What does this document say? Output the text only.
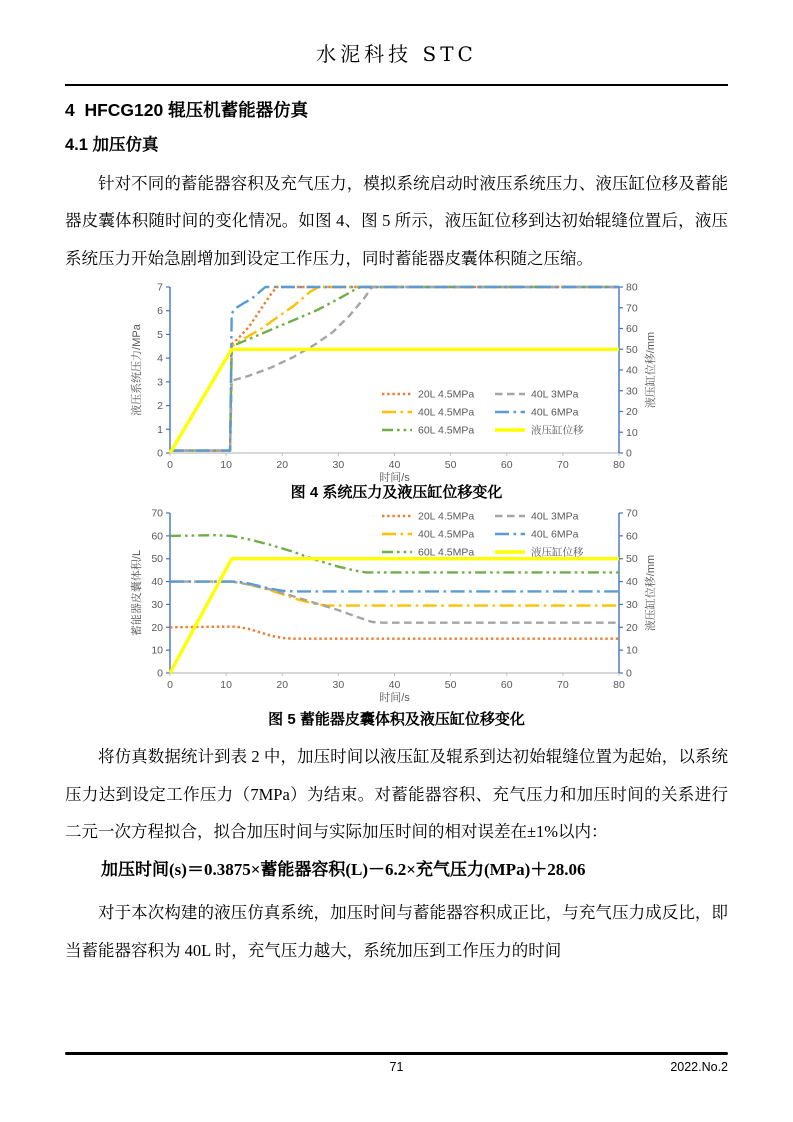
水泥科技 STC
4  HFCG120 辊压机蓄能器仿真
4.1 加压仿真

针对不同的蓄能器容积及充气压力，模拟系统启动时液压系统压力、液压缸位移及蓄能器皮囊体积随时间的变化情况。如图 4、图 5 所示，液压缸位移到达初始辊缝位置后，液压系统压力开始急剧增加到设定工作压力，同时蓄能器皮囊体积随之压缩。

0
1
2
3
4
5
6
7
0
10
20
30
40
50
60
70
80
0	10	20	30	40	50	60	70	80
液压系统压力/MPa	液压缸位移/mm
时间/s
20L 4.5MPa
40L 4.5MPa
60L 4.5MPa
40L 3MPa
40L 6MPa
液压缸位移
图 4 系统压力及液压缸位移变化
0
10
20
30
40
50
60
70
0
10
20
30
40
50
60
70
0	10	20	30	40	50	60	70	80
蓄能器皮囊体积/L	液压缸位移/mm
时间/s
20L 4.5MPa
40L 4.5MPa
60L 4.5MPa
40L 3MPa
40L 6MPa
液压缸位移
图 5 蓄能器皮囊体积及液压缸位移变化

将仿真数据统计到表 2 中，加压时间以液压缸及辊系到达初始辊缝位置为起始，以系统压力达到设定工作压力（7MPa）为结束。对蓄能器容积、充气压力和加压时间的关系进行二元一次方程拟合，拟合加压时间与实际加压时间的相对误差在±1%以内：

加压时间(s)＝0.3875×蓄能器容积(L)－6.2×充气压力(MPa)＋28.06

对于本次构建的液压仿真系统，加压时间与蓄能器容积成正比，与充气压力成反比，即当蓄能器容积为 40L 时，充气压力越大，系统加压到工作压力的时间

71	2022.No.2
